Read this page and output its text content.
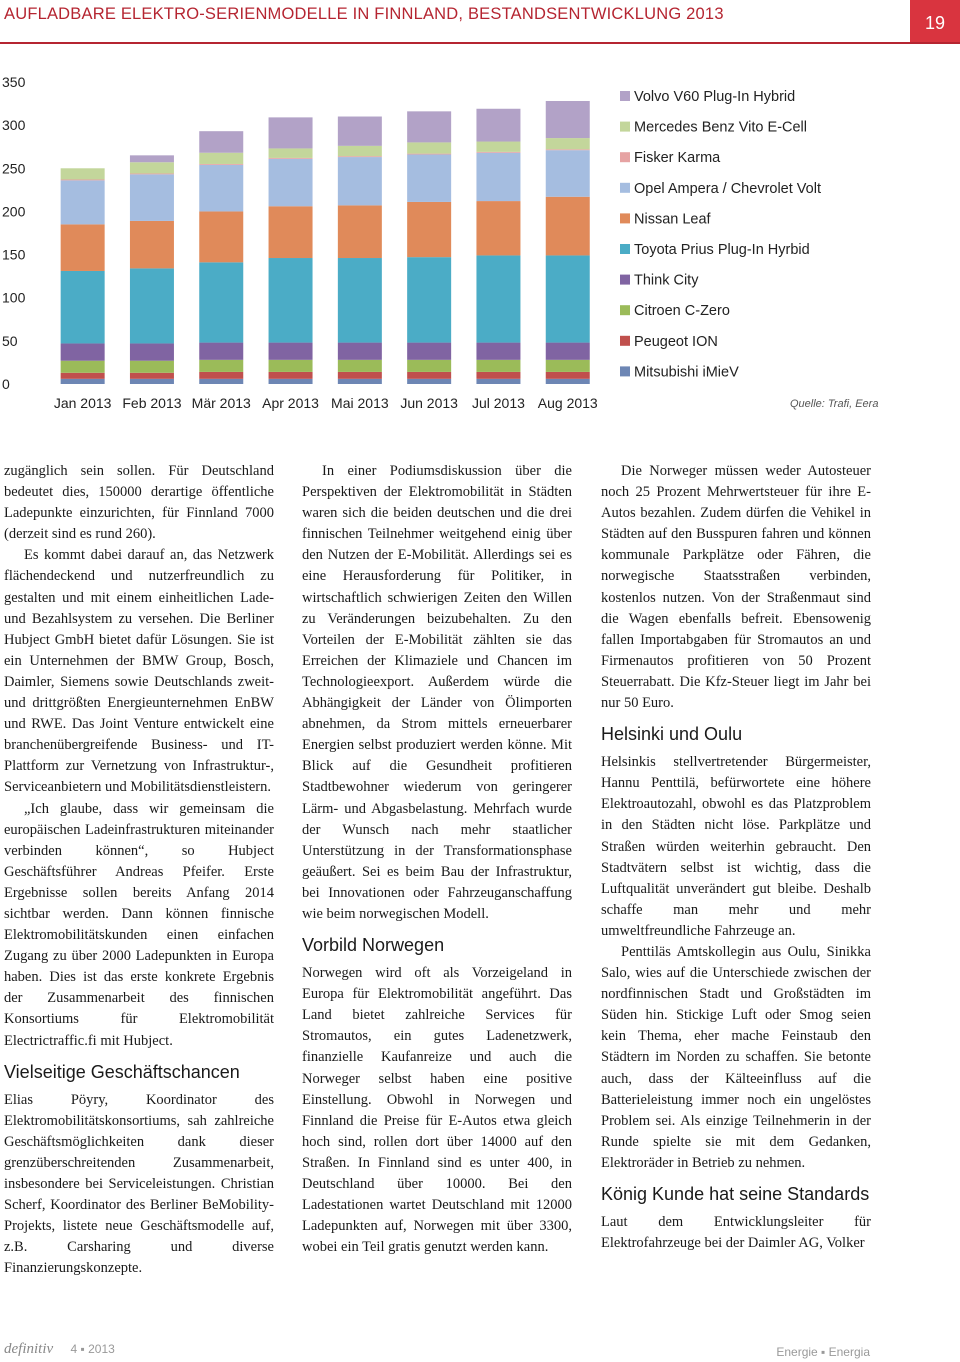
AUFLADBARE ELEKTRO-SERIENMODELLE IN FINNLAND, BESTANDSENTWICKLUNG 2013	19
0
50
100
150
200
250
300
350
Jan 2013 Feb 2013 Mär 2013 Apr 2013 Mai 2013 Jun 2013 Jul 2013 Aug 2013
Volvo V60 Plug-In Hybrid
Mercedes Benz Vito E-Cell
Fisker Karma
Opel Ampera / Chevrolet Volt
Nissan Leaf
Toyota Prius Plug-In Hyrbid
Think City
Citroen C-Zero
Peugeot ION
Mitsubishi iMieV
Quelle: Trafi, Eera

zugänglich sein sollen. Für Deutschland bedeutet dies, 150000 derartige öffentliche Ladepunkte einzurichten, für Finnland 7000 (derzeit sind es rund 260).

Es kommt dabei darauf an, das Netzwerk flächendeckend und nutzerfreundlich zu gestalten und mit einem einheitlichen Lade- und Bezahlsystem zu versehen. Die Berliner Hubject GmbH bietet dafür Lösungen. Sie ist ein Unternehmen der BMW Group, Bosch, Daimler, Siemens sowie Deutschlands zweit- und drittgrößten Energieunternehmen EnBW und RWE. Das Joint Venture entwickelt eine branchenübergreifende Business- und IT-Plattform zur Vernetzung von Infrastruktur-, Serviceanbietern und Mobilitätsdienstleistern.

„Ich glaube, dass wir gemeinsam die europäischen Ladeinfrastrukturen miteinander verbinden können“, so Hubject Geschäftsführer Andreas Pfeifer. Erste Ergebnisse sollen bereits Anfang 2014 sichtbar werden. Dann können finnische Elektromobilitätskunden einen einfachen Zugang zu über 2000 Ladepunkten in Europa haben. Dies ist das erste konkrete Ergebnis der Zusammenarbeit des finnischen Konsortiums für Elektromobilität Electrictraffic.fi mit Hubject.

Vielseitige Geschäftschancen

Elias Pöyry, Koordinator des Elektromobilitätskonsortiums, sah zahlreiche Geschäftsmöglichkeiten dank dieser grenzüberschreitenden Zusammenarbeit, insbesondere bei Serviceleistungen. Christian Scherf, Koordinator des Berliner BeMobility-Projekts, listete neue Geschäftsmodelle auf, z.B. Carsharing und diverse Finanzierungskonzepte.

In einer Podiumsdiskussion über die Perspektiven der Elektromobilität in Städten waren sich die beiden deutschen und die drei finnischen Teilnehmer weitgehend einig über den Nutzen der E-Mobilität. Allerdings sei es eine Herausforderung für Politiker, in wirtschaftlich schwierigen Zeiten den Willen zu Veränderungen beizubehalten. Zu den Vorteilen der E-Mobilität zählten sie das Erreichen der Klimaziele und Chancen im Technologieexport. Außerdem würde die Abhängigkeit der Länder von Ölimporten abnehmen, da Strom mittels erneuerbarer Energien selbst produziert werden könne. Mit Blick auf die Gesundheit profitieren Stadtbewohner wiederum von geringerer Lärm- und Abgasbelastung. Mehrfach wurde der Wunsch nach mehr staatlicher Unterstützung in der Transformationsphase geäußert. Sei es beim Bau der Infrastruktur, bei Innovationen oder Fahrzeuganschaffung wie beim norwegischen Modell.

Vorbild Norwegen

Norwegen wird oft als Vorzeigeland in Europa für Elektromobilität angeführt. Das Land bietet zahlreiche Services für Stromautos, ein gutes Ladenetzwerk, finanzielle Kaufanreize und auch die Norweger selbst haben eine positive Einstellung. Obwohl in Norwegen und Finnland die Preise für E-Autos etwa gleich hoch sind, rollen dort über 14000 auf den Straßen. In Finnland sind es unter 400, in Deutschland über 10000. Bei den Ladestationen wartet Deutschland mit 12000 Ladepunkten auf, Norwegen mit über 3300, wobei ein Teil gratis genutzt werden kann.

Die Norweger müssen weder Autosteuer noch 25 Prozent Mehrwertsteuer für ihre E-Autos bezahlen. Zudem dürfen die Vehikel in Städten auf den Busspuren fahren und können kommunale Parkplätze oder Fähren, die norwegische Staatsstraßen verbinden, kostenlos nutzen. Von der Straßenmaut sind die Wagen ebenfalls befreit. Ebensowenig fallen Importabgaben für Stromautos an und Firmenautos profitieren von 50 Prozent Steuerrabatt. Die Kfz-Steuer liegt im Jahr bei nur 50 Euro.

Helsinki und Oulu

Helsinkis stellvertretender Bürgermeister, Hannu Penttilä, befürwortete eine höhere Elektroautozahl, obwohl es das Platzproblem in den Städten nicht löse. Parkplätze und Straßen würden weiterhin gebraucht. Den Stadtvätern selbst ist wichtig, dass die Luftqualität unverändert gut bleibe. Deshalb schaffe man mehr und mehr umweltfreundliche Fahrzeuge an.

Penttiläs Amtskollegin aus Oulu, Sinikka Salo, wies auf die Unterschiede zwischen der nordfinnischen Stadt und Großstädten im Süden hin. Stickige Luft oder Smog seien kein Thema, eher mache Feinstaub den Städtern im Norden zu schaffen. Sie betonte auch, dass der Kälteeinfluss auf die Batterieleistung immer noch ein ungelöstes Problem sei. Als einzige Teilnehmerin in der Runde spielte sie mit dem Gedanken, Elektroräder in Betrieb zu nehmen.

König Kunde hat seine Standards

Laut dem Entwicklungsleiter für Elektrofahrzeuge bei der Daimler AG, Volker

definitiv 4 ▪ 2013	Energie ▪ Energia
